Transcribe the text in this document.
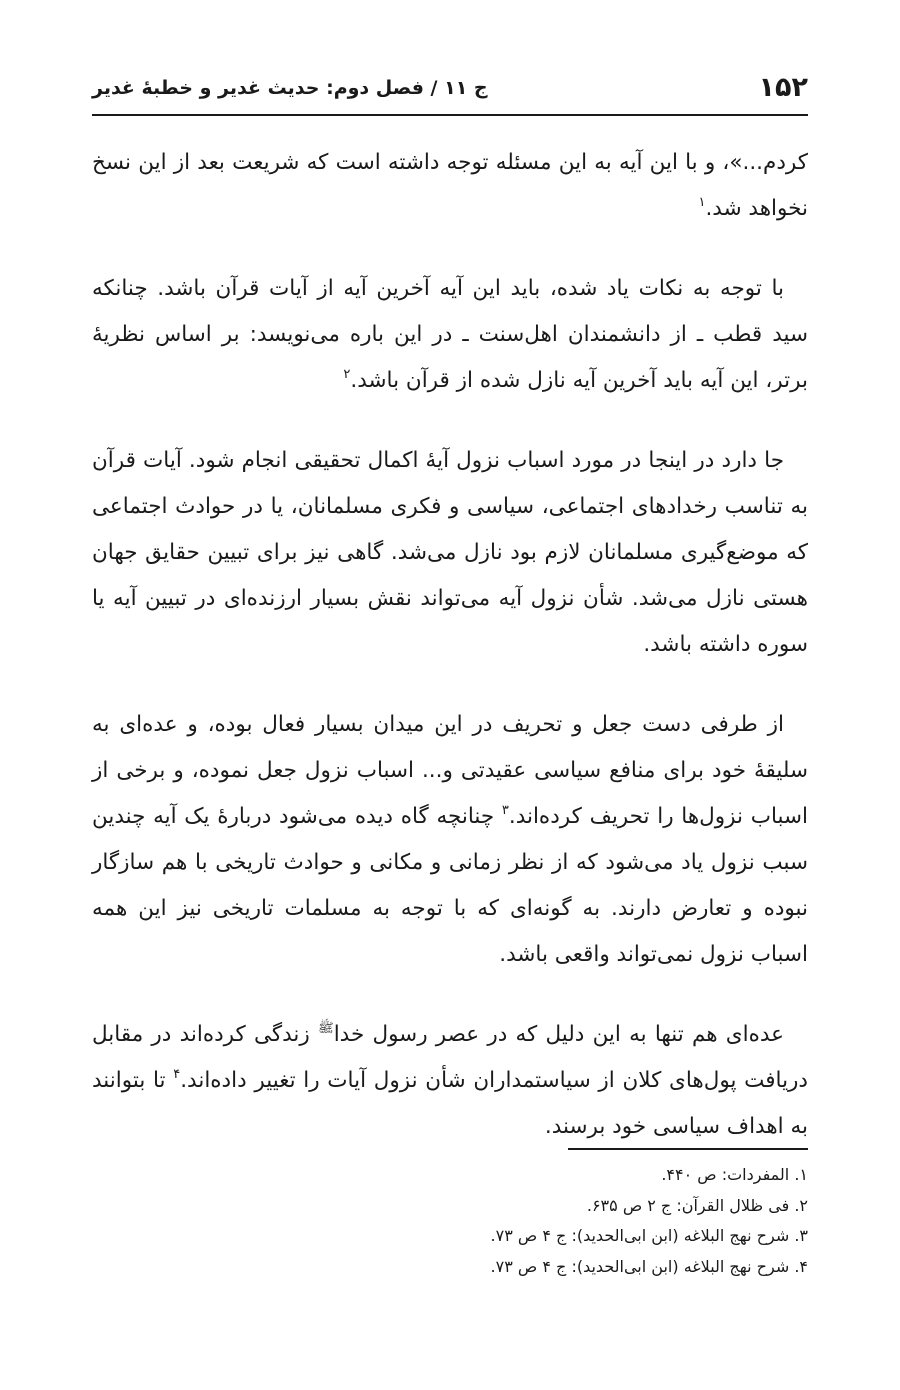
۱۵۲
ج ۱۱ / فصل دوم: حدیث غدیر و خطبهٔ غدیر

کردم...»، و با این آیه به این مسئله توجه داشته است که شریعت بعد از این نسخ نخواهد شد.$^۱$

با توجه به نکات یاد شده، باید این آیه آخرین آیه از آیات قرآن باشد. چنانکه سید قطب ـ از دانشمندان اهل‌سنت ـ در این باره می‌نویسد: بر اساس نظریهٔ برتر، این آیه باید آخرین آیه نازل شده از قرآن باشد.$^۲$

جا دارد در اینجا در مورد اسباب نزول آیهٔ اکمال تحقیقی انجام شود. آیات قرآن به تناسب رخدادهای اجتماعی، سیاسی و فکری مسلمانان، یا در حوادث اجتماعی که موضع‌گیری مسلمانان لازم بود نازل می‌شد. گاهی نیز برای تبیین حقایق جهان هستی نازل می‌شد. شأن نزول آیه می‌تواند نقش بسیار ارزنده‌ای در تبیین آیه یا سوره داشته باشد.

از طرفی دست جعل و تحریف در این میدان بسیار فعال بوده، و عده‌ای به سلیقهٔ خود برای منافع سیاسی عقیدتی و... اسباب نزول جعل نموده، و برخی از اسباب نزول‌ها را تحریف کرده‌اند.$^۳$ چنانچه گاه دیده می‌شود دربارهٔ یک آیه چندین سبب نزول یاد می‌شود که از نظر زمانی و مکانی و حوادث تاریخی با هم سازگار نبوده و تعارض دارند. به گونه‌ای که با توجه به مسلمات تاریخی نیز این همه اسباب نزول نمی‌تواند واقعی باشد.

عده‌ای هم تنها به این دلیل که در عصر رسول خدا$^ﷺ$ زندگی کرده‌اند در مقابل دریافت پول‌های کلان از سیاستمداران شأن نزول آیات را تغییر داده‌اند.$^۴$ تا بتوانند به اهداف سیاسی خود برسند.

۱. المفردات: ص ۴۴۰.
۲. فی ظلال القرآن: ج ۲ ص ۶۳۵.
۳. شرح نهج البلاغه (ابن ابی‌الحدید): ج ۴ ص ۷۳.
۴. شرح نهج البلاغه (ابن ابی‌الحدید): ج ۴ ص ۷۳.
